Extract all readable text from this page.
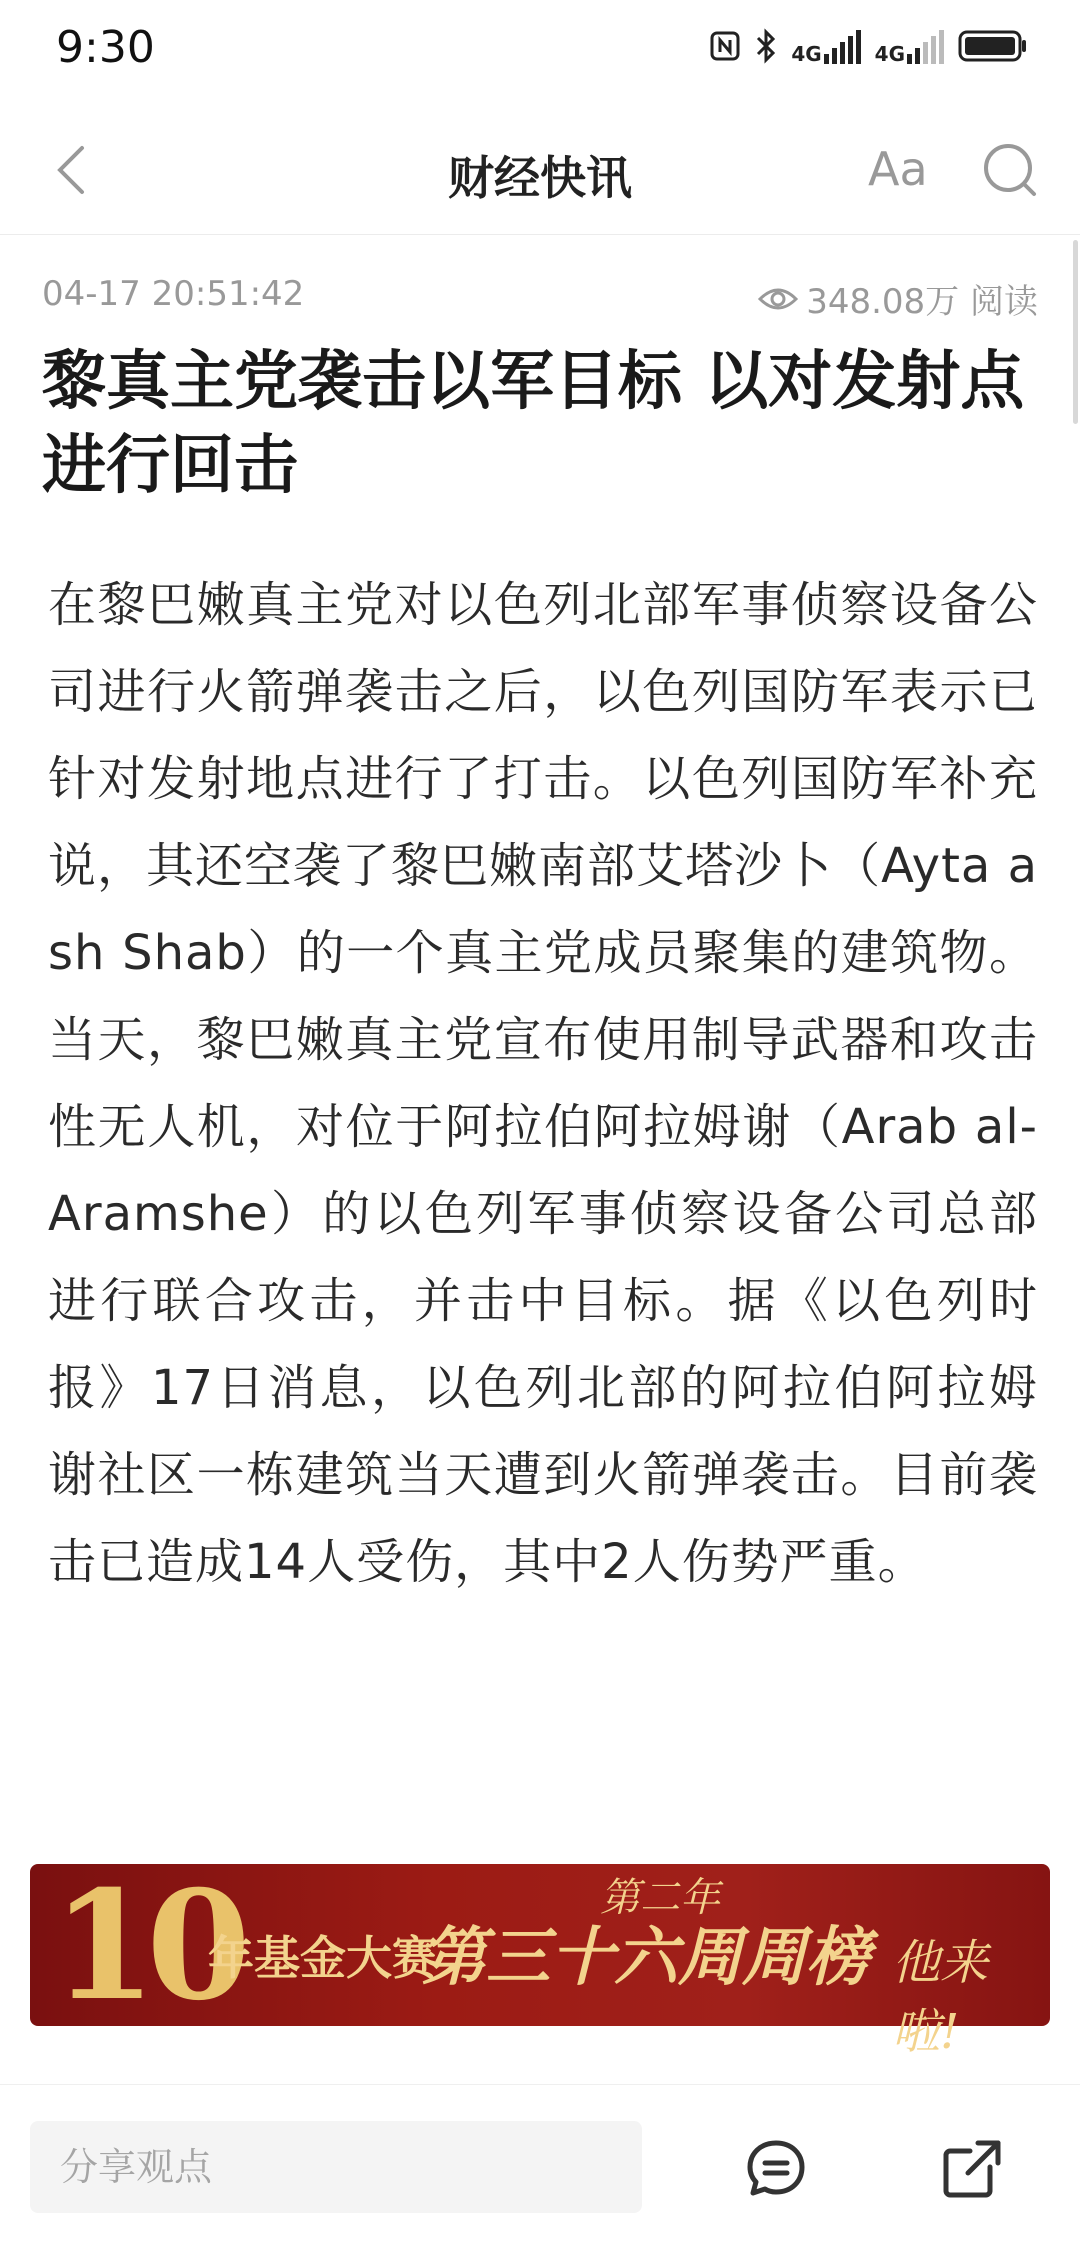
9:30	4G	4G
财经快讯	Aa
04-17 20:51:42	348.08万 阅读
黎真主党袭击以军目标 以对发射点进行回击
在黎巴嫩真主党对以色列北部军事侦察设备公司进行火箭弹袭击之后，以色列国防军表示已针对发射地点进行了打击。以色列国防军补充说，其还空袭了黎巴嫩南部艾塔沙卜（Ayta ash Shab）的一个真主党成员聚集的建筑物。当天，黎巴嫩真主党宣布使用制导武器和攻击性无人机，对位于阿拉伯阿拉姆谢（Arab al-Aramshe）的以色列军事侦察设备公司总部进行联合攻击，并击中目标。据《以色列时报》17日消息，以色列北部的阿拉伯阿拉姆谢社区一栋建筑当天遭到火箭弹袭击。目前袭击已造成14人受伤，其中2人伤势严重。
10
年基金大赛
第二年
第三十六周周榜 他来啦!
分享观点
